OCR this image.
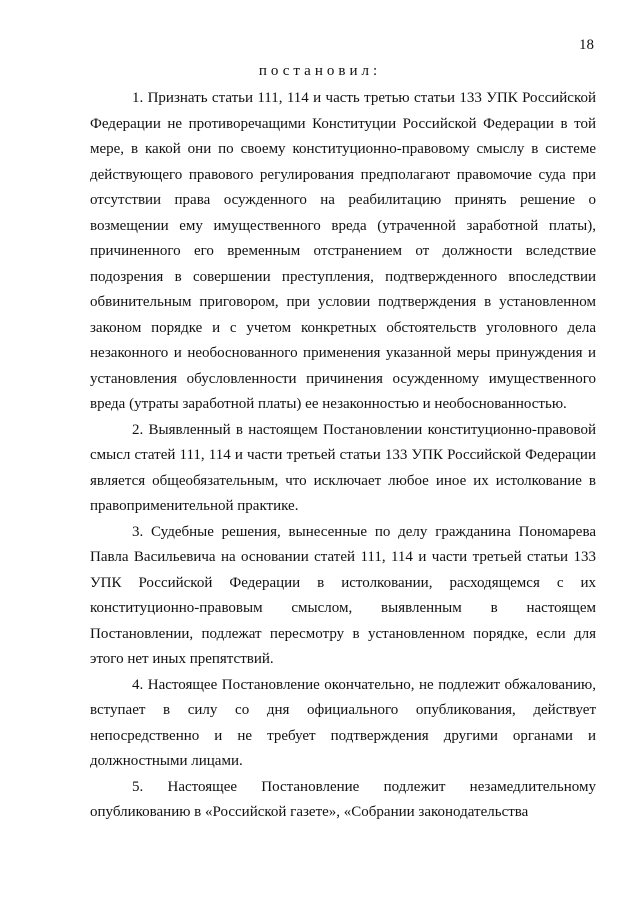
18
постановил:

1. Признать статьи 111, 114 и часть третью статьи 133 УПК Российской Федерации не противоречащими Конституции Российской Федерации в той мере, в какой они по своему конституционно-правовому смыслу в системе действующего правового регулирования предполагают правомочие суда при отсутствии права осужденного на реабилитацию принять решение о возмещении ему имущественного вреда (утраченной заработной платы), причиненного его временным отстранением от должности вследствие подозрения в совершении преступления, подтвержденного впоследствии обвинительным приговором, при условии подтверждения в установленном законом порядке и с учетом конкретных обстоятельств уголовного дела незаконного и необоснованного применения указанной меры принуждения и установления обусловленности причинения осужденному имущественного вреда (утраты заработной платы) ее незаконностью и необоснованностью.

2. Выявленный в настоящем Постановлении конституционно-правовой смысл статей 111, 114 и части третьей статьи 133 УПК Российской Федерации является общеобязательным, что исключает любое иное их истолкование в правоприменительной практике.

3. Судебные решения, вынесенные по делу гражданина Пономарева Павла Васильевича на основании статей 111, 114 и части третьей статьи 133 УПК Российской Федерации в истолковании, расходящемся с их конституционно-правовым смыслом, выявленным в настоящем Постановлении, подлежат пересмотру в установленном порядке, если для этого нет иных препятствий.

4. Настоящее Постановление окончательно, не подлежит обжалованию, вступает в силу со дня официального опубликования, действует непосредственно и не требует подтверждения другими органами и должностными лицами.

5. Настоящее Постановление подлежит незамедлительному опубликованию в «Российской газете», «Собрании законодательства
